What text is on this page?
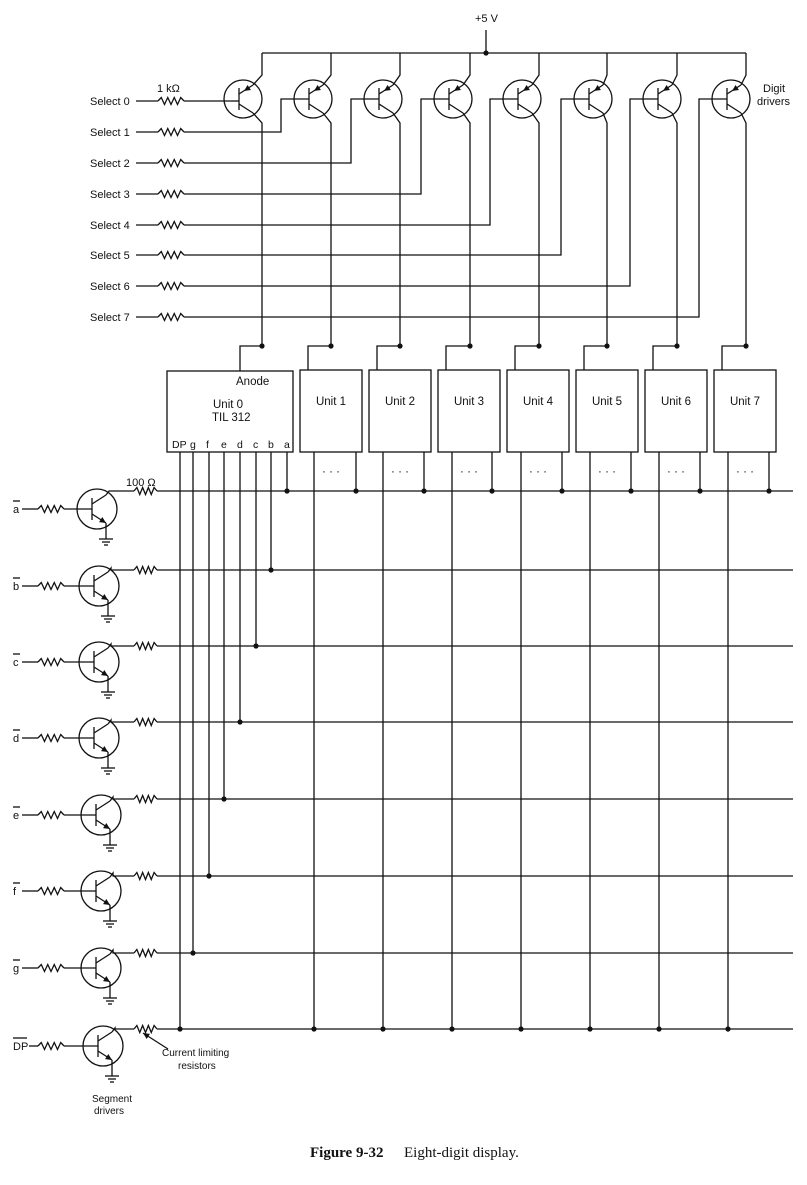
+5 V
1 kΩ
100 Ω
Digit
drivers
Anode
Unit 0
TIL 312
Current limiting
resistors
Segment
drivers
Figure 9-32 Eight-digit display.
Select 0
Select 1
Select 2
Select 3
Select 4
Select 5
Select 6
Select 7
DP g f e d c b a
Unit 1
· · ·
Unit 2
· · ·
Unit 3
· · ·
Unit 4
· · ·
Unit 5
· · ·
Unit 6
· · ·
Unit 7
· · ·
a
b
c
d
e
f
g
DP
